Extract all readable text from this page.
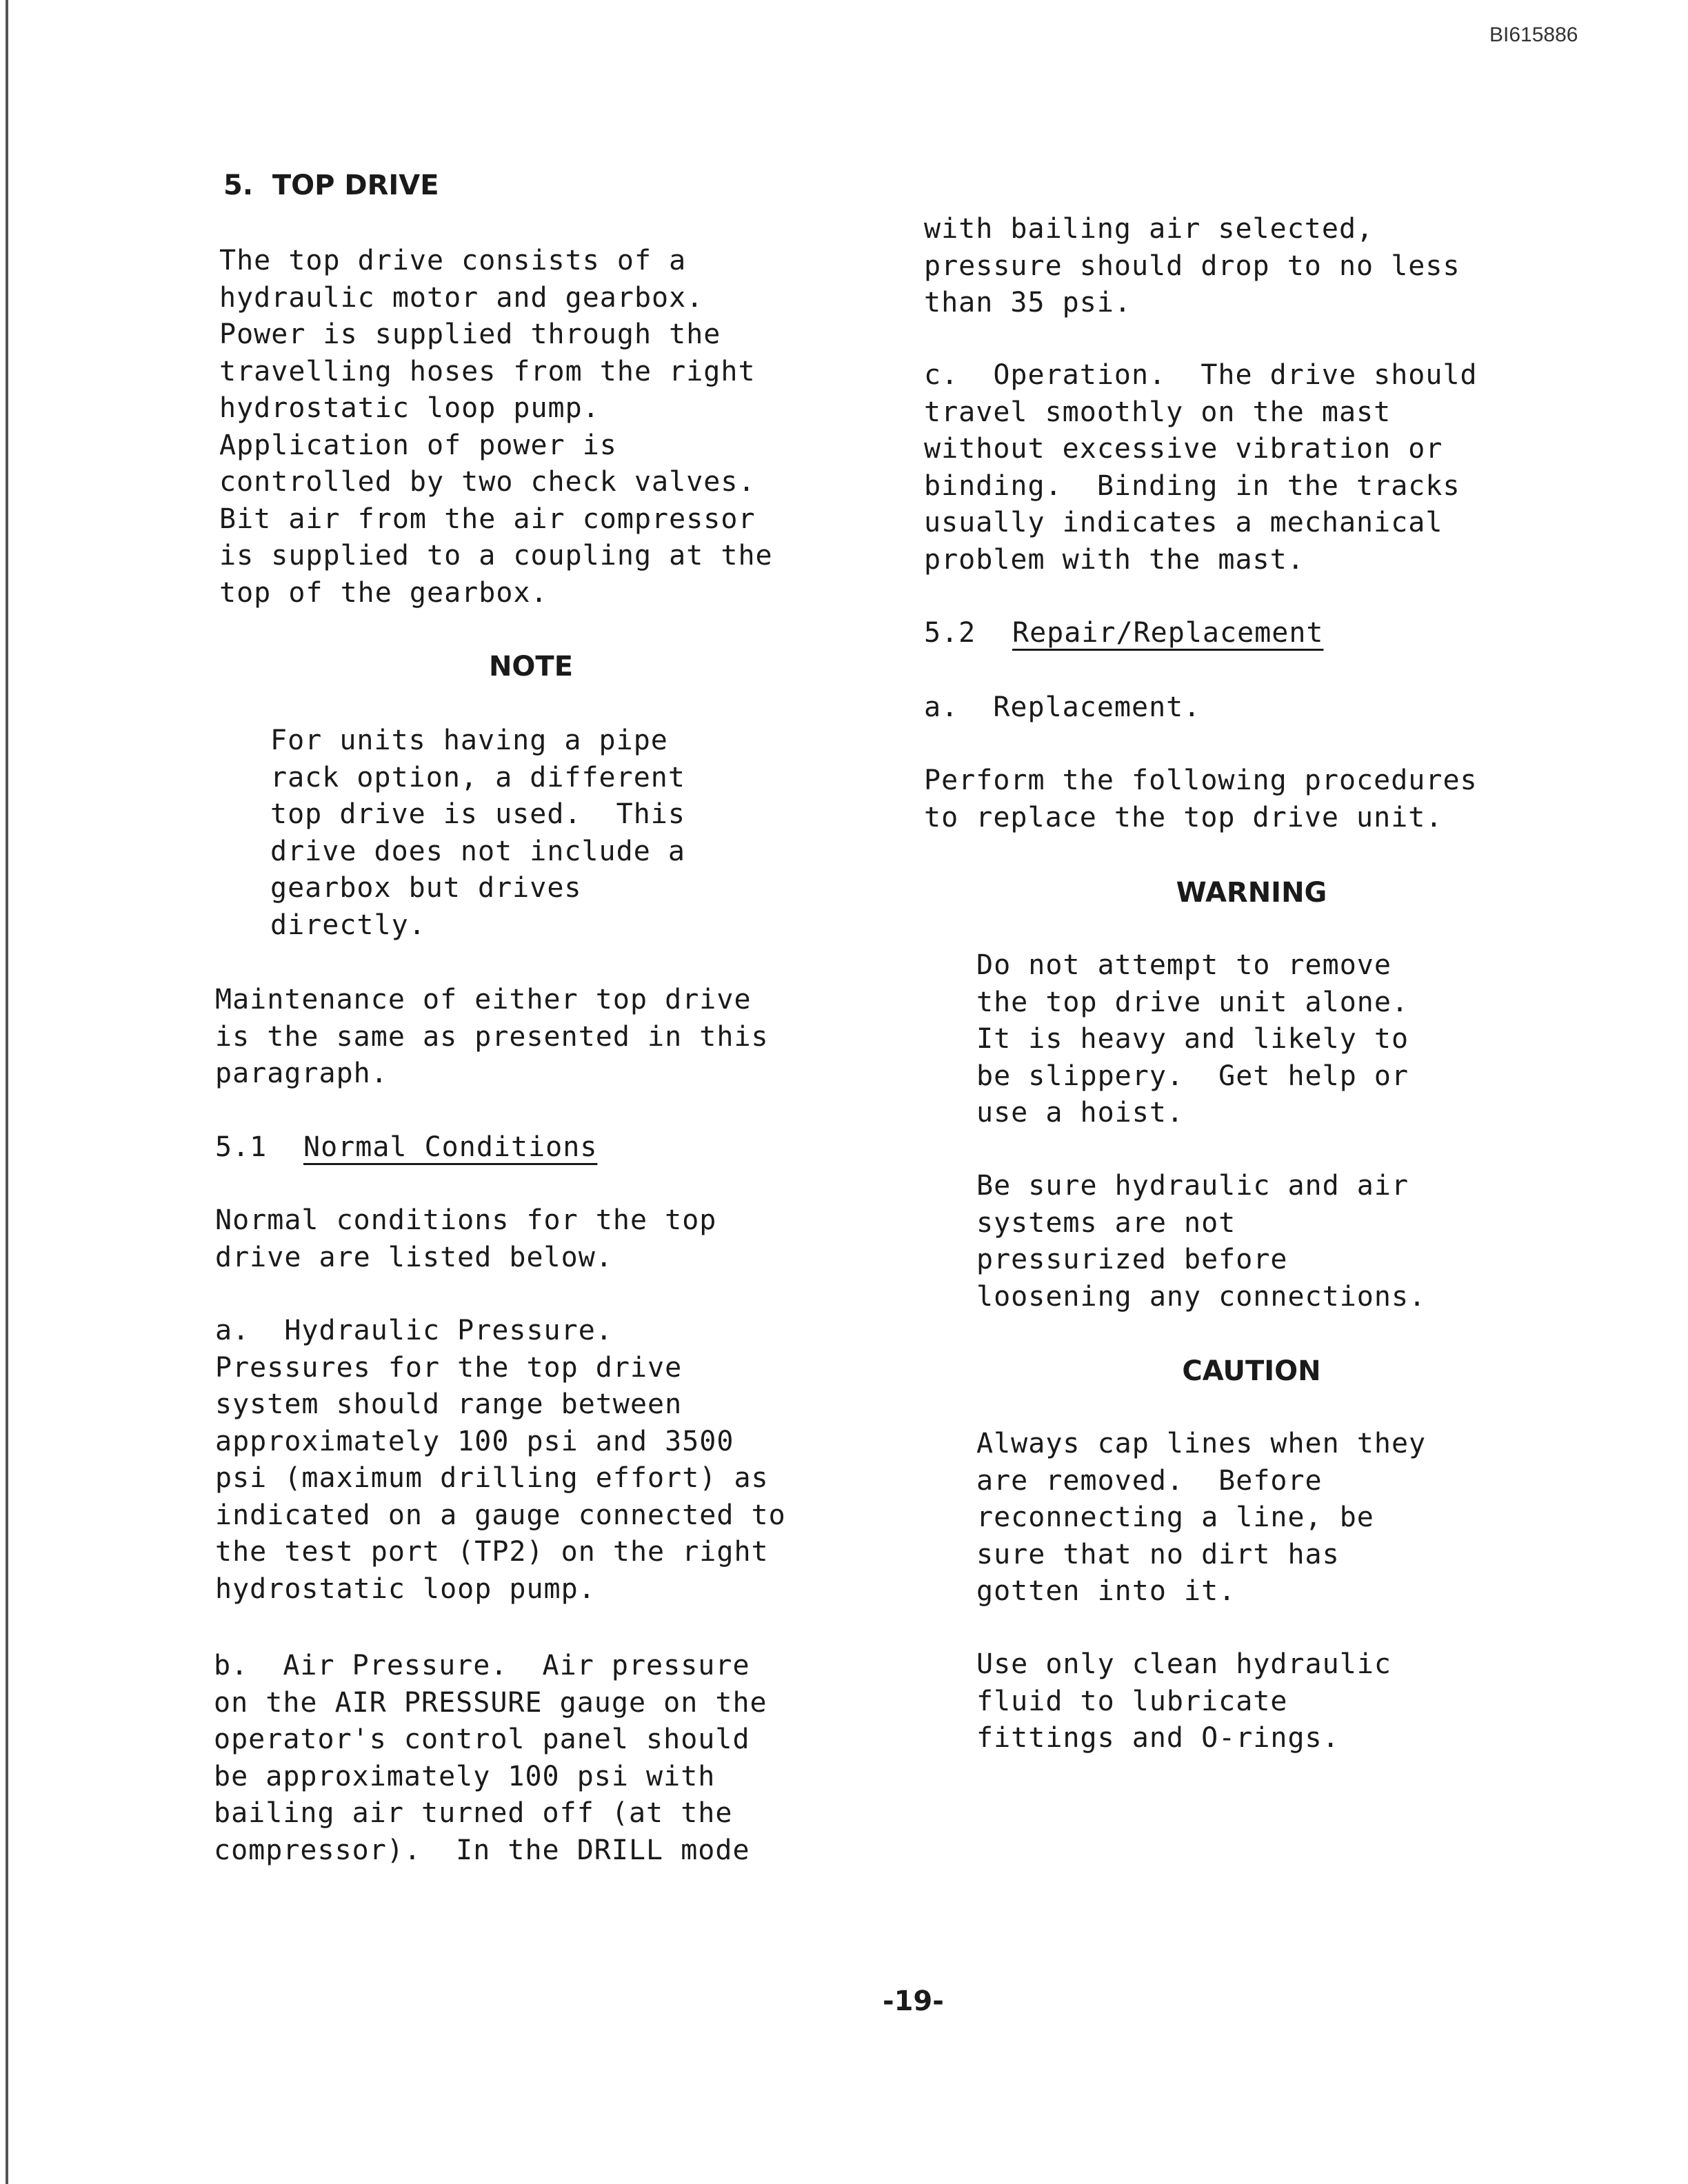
BI615886

5.  TOP DRIVE

The top drive consists of a
hydraulic motor and gearbox.
Power is supplied through the
travelling hoses from the right
hydrostatic loop pump.
Application of power is
controlled by two check valves.
Bit air from the air compressor
is supplied to a coupling at the
top of the gearbox.

NOTE

For units having a pipe
rack option, a different
top drive is used.  This
drive does not include a
gearbox but drives
directly.

Maintenance of either top drive
is the same as presented in this
paragraph.

5.1 Normal Conditions

Normal conditions for the top
drive are listed below.

a.  Hydraulic Pressure.
Pressures for the top drive
system should range between
approximately 100 psi and 3500
psi (maximum drilling effort) as
indicated on a gauge connected to
the test port (TP2) on the right
hydrostatic loop pump.

b.  Air Pressure.  Air pressure
on the AIR PRESSURE gauge on the
operator's control panel should
be approximately 100 psi with
bailing air turned off (at the
compressor).  In the DRILL mode

with bailing air selected,
pressure should drop to no less
than 35 psi.

c.  Operation.  The drive should
travel smoothly on the mast
without excessive vibration or
binding.  Binding in the tracks
usually indicates a mechanical
problem with the mast.

5.2 Repair/Replacement

a.  Replacement.

Perform the following procedures
to replace the top drive unit.

WARNING

Do not attempt to remove
the top drive unit alone.
It is heavy and likely to
be slippery.  Get help or
use a hoist.

Be sure hydraulic and air
systems are not
pressurized before
loosening any connections.

CAUTION

Always cap lines when they
are removed.  Before
reconnecting a line, be
sure that no dirt has
gotten into it.

Use only clean hydraulic
fluid to lubricate
fittings and O-rings.

-19-
